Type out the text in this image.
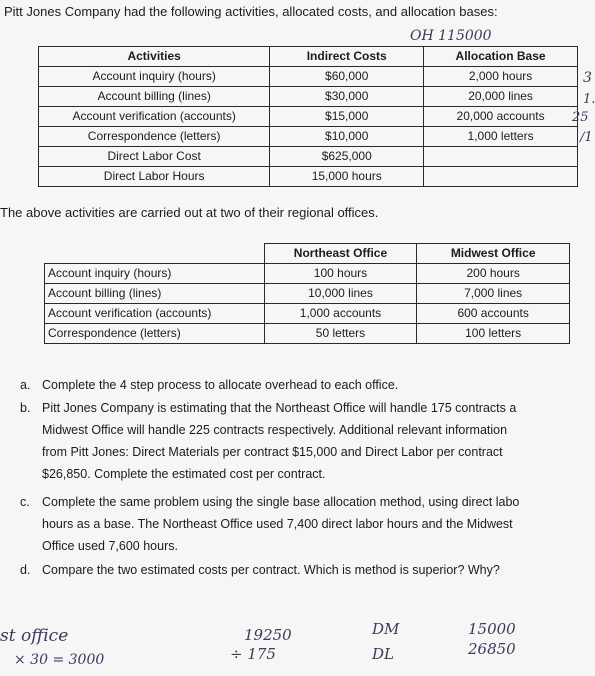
Pitt Jones Company had the following activities, allocated costs, and allocation bases:
Activities	Indirect Costs	Allocation Base
Account inquiry (hours)	$60,000	2,000 hours
Account billing (lines)	$30,000	20,000 lines
Account verification (accounts)	$15,000	20,000 accounts
Correspondence (letters)	$10,000	1,000 letters
Direct Labor Cost	$625,000	
Direct Labor Hours	15,000 hours	
OH 115000
3
1.
25
/1
The above activities are carried out at two of their regional offices.
	Northeast Office	Midwest Office
Account inquiry (hours)	100 hours	200 hours
Account billing (lines)	10,000 lines	7,000 lines
Account verification (accounts)	1,000 accounts	600 accounts
Correspondence (letters)	50 letters	100 letters
a. Complete the 4 step process to allocate overhead to each office.
b. Pitt Jones Company is estimating that the Northeast Office will handle 175 contracts a
Midwest Office will handle 225 contracts respectively. Additional relevant information
from Pitt Jones: Direct Materials per contract $15,000 and Direct Labor per contract
$26,850. Complete the estimated cost per contract.
c. Complete the same problem using the single base allocation method, using direct labo
hours as a base. The Northeast Office used 7,400 direct labor hours and the Midwest
Office used 7,600 hours.
d. Compare the two estimated costs per contract. Which is method is superior? Why?
st office
× 30 = 3000
19250
÷ 175
DM
DL
15000
26850
